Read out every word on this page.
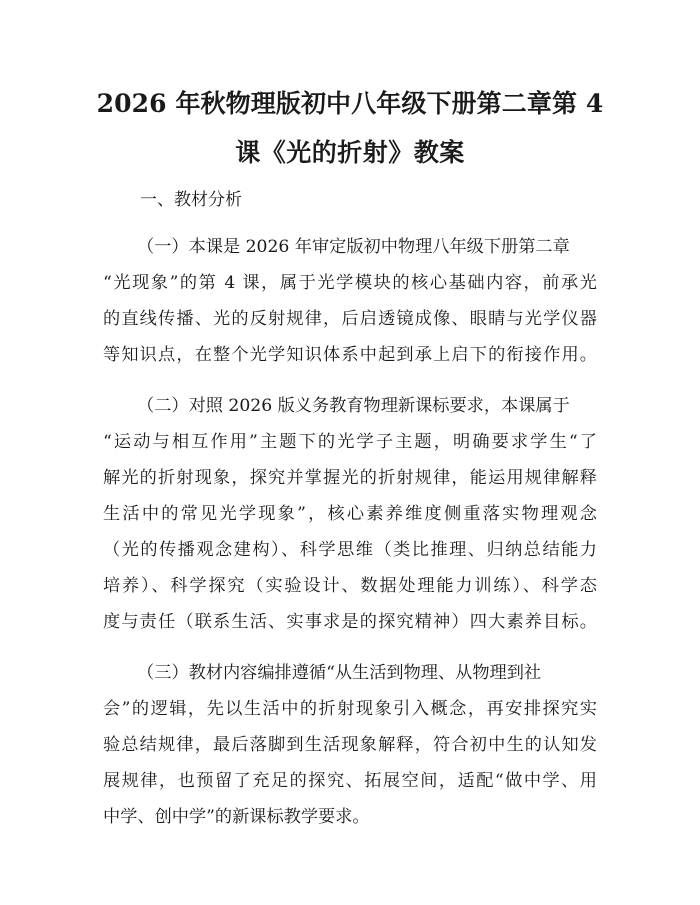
2026 年秋物理版初中八年级下册第二章第 4
课《光的折射》教案
一、教材分析
（一）本课是 2026 年审定版初中物理八年级下册第二章
“光现象”的第 4 课，属于光学模块的核心基础内容，前承光
的直线传播、光的反射规律，后启透镜成像、眼睛与光学仪器
等知识点，在整个光学知识体系中起到承上启下的衔接作用。
（二）对照 2026 版义务教育物理新课标要求，本课属于
“运动与相互作用”主题下的光学子主题，明确要求学生“了
解光的折射现象，探究并掌握光的折射规律，能运用规律解释
生活中的常见光学现象”，核心素养维度侧重落实物理观念
（光的传播观念建构）、科学思维（类比推理、归纳总结能力
培养）、科学探究（实验设计、数据处理能力训练）、科学态
度与责任（联系生活、实事求是的探究精神）四大素养目标。
（三）教材内容编排遵循“从生活到物理、从物理到社
会”的逻辑，先以生活中的折射现象引入概念，再安排探究实
验总结规律，最后落脚到生活现象解释，符合初中生的认知发
展规律，也预留了充足的探究、拓展空间，适配“做中学、用
中学、创中学”的新课标教学要求。
